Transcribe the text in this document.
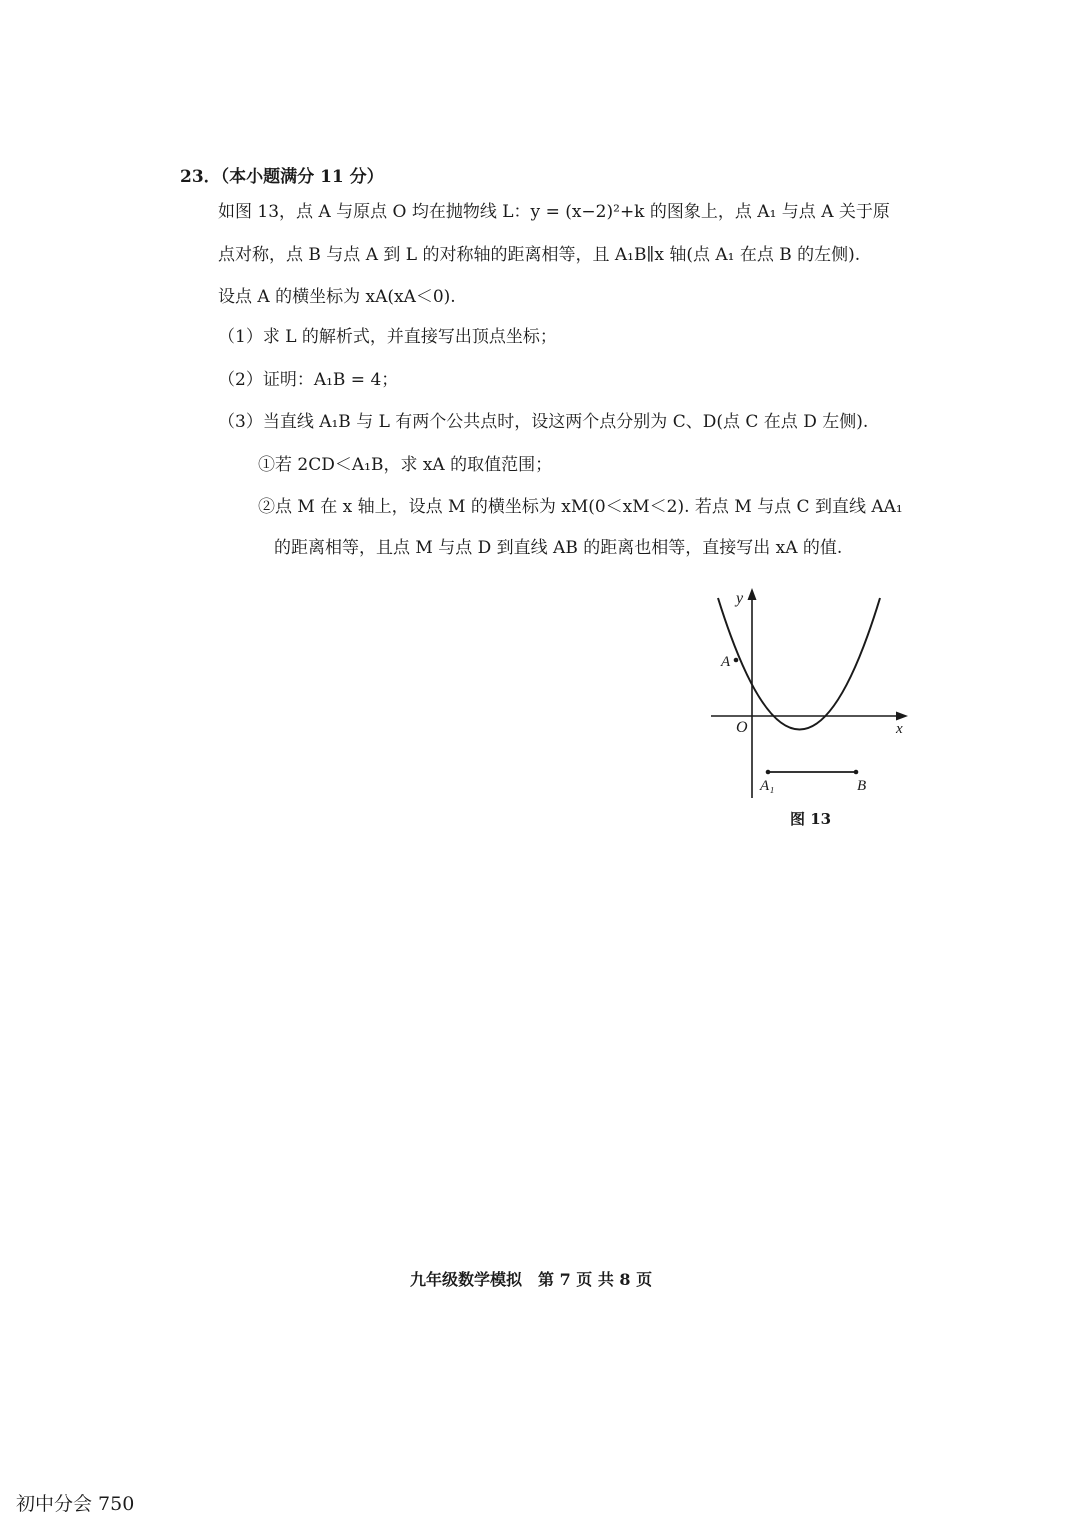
23．（本小题满分 11 分）
如图 13，点 A 与原点 O 均在抛物线 L：y = (x−2)²+k 的图象上，点 A₁ 与点 A 关于原
点对称，点 B 与点 A 到 L 的对称轴的距离相等，且 A₁B∥x 轴(点 A₁ 在点 B 的左侧).
设点 A 的横坐标为 xA(xA＜0).
（1）求 L 的解析式，并直接写出顶点坐标；
（2）证明：A₁B = 4；
（3）当直线 A₁B 与 L 有两个公共点时，设这两个点分别为 C、D(点 C 在点 D 左侧).
①若 2CD＜A₁B，求 xA 的取值范围；
②点 M 在 x 轴上，设点 M 的横坐标为 xM(0＜xM＜2). 若点 M 与点 C 到直线 AA₁
的距离相等，且点 M 与点 D 到直线 AB 的距离也相等，直接写出 xA 的值.
y
x
O
A
A₁	B
图 13
九年级数学模拟　第 7 页 共 8 页
初中分会 750
